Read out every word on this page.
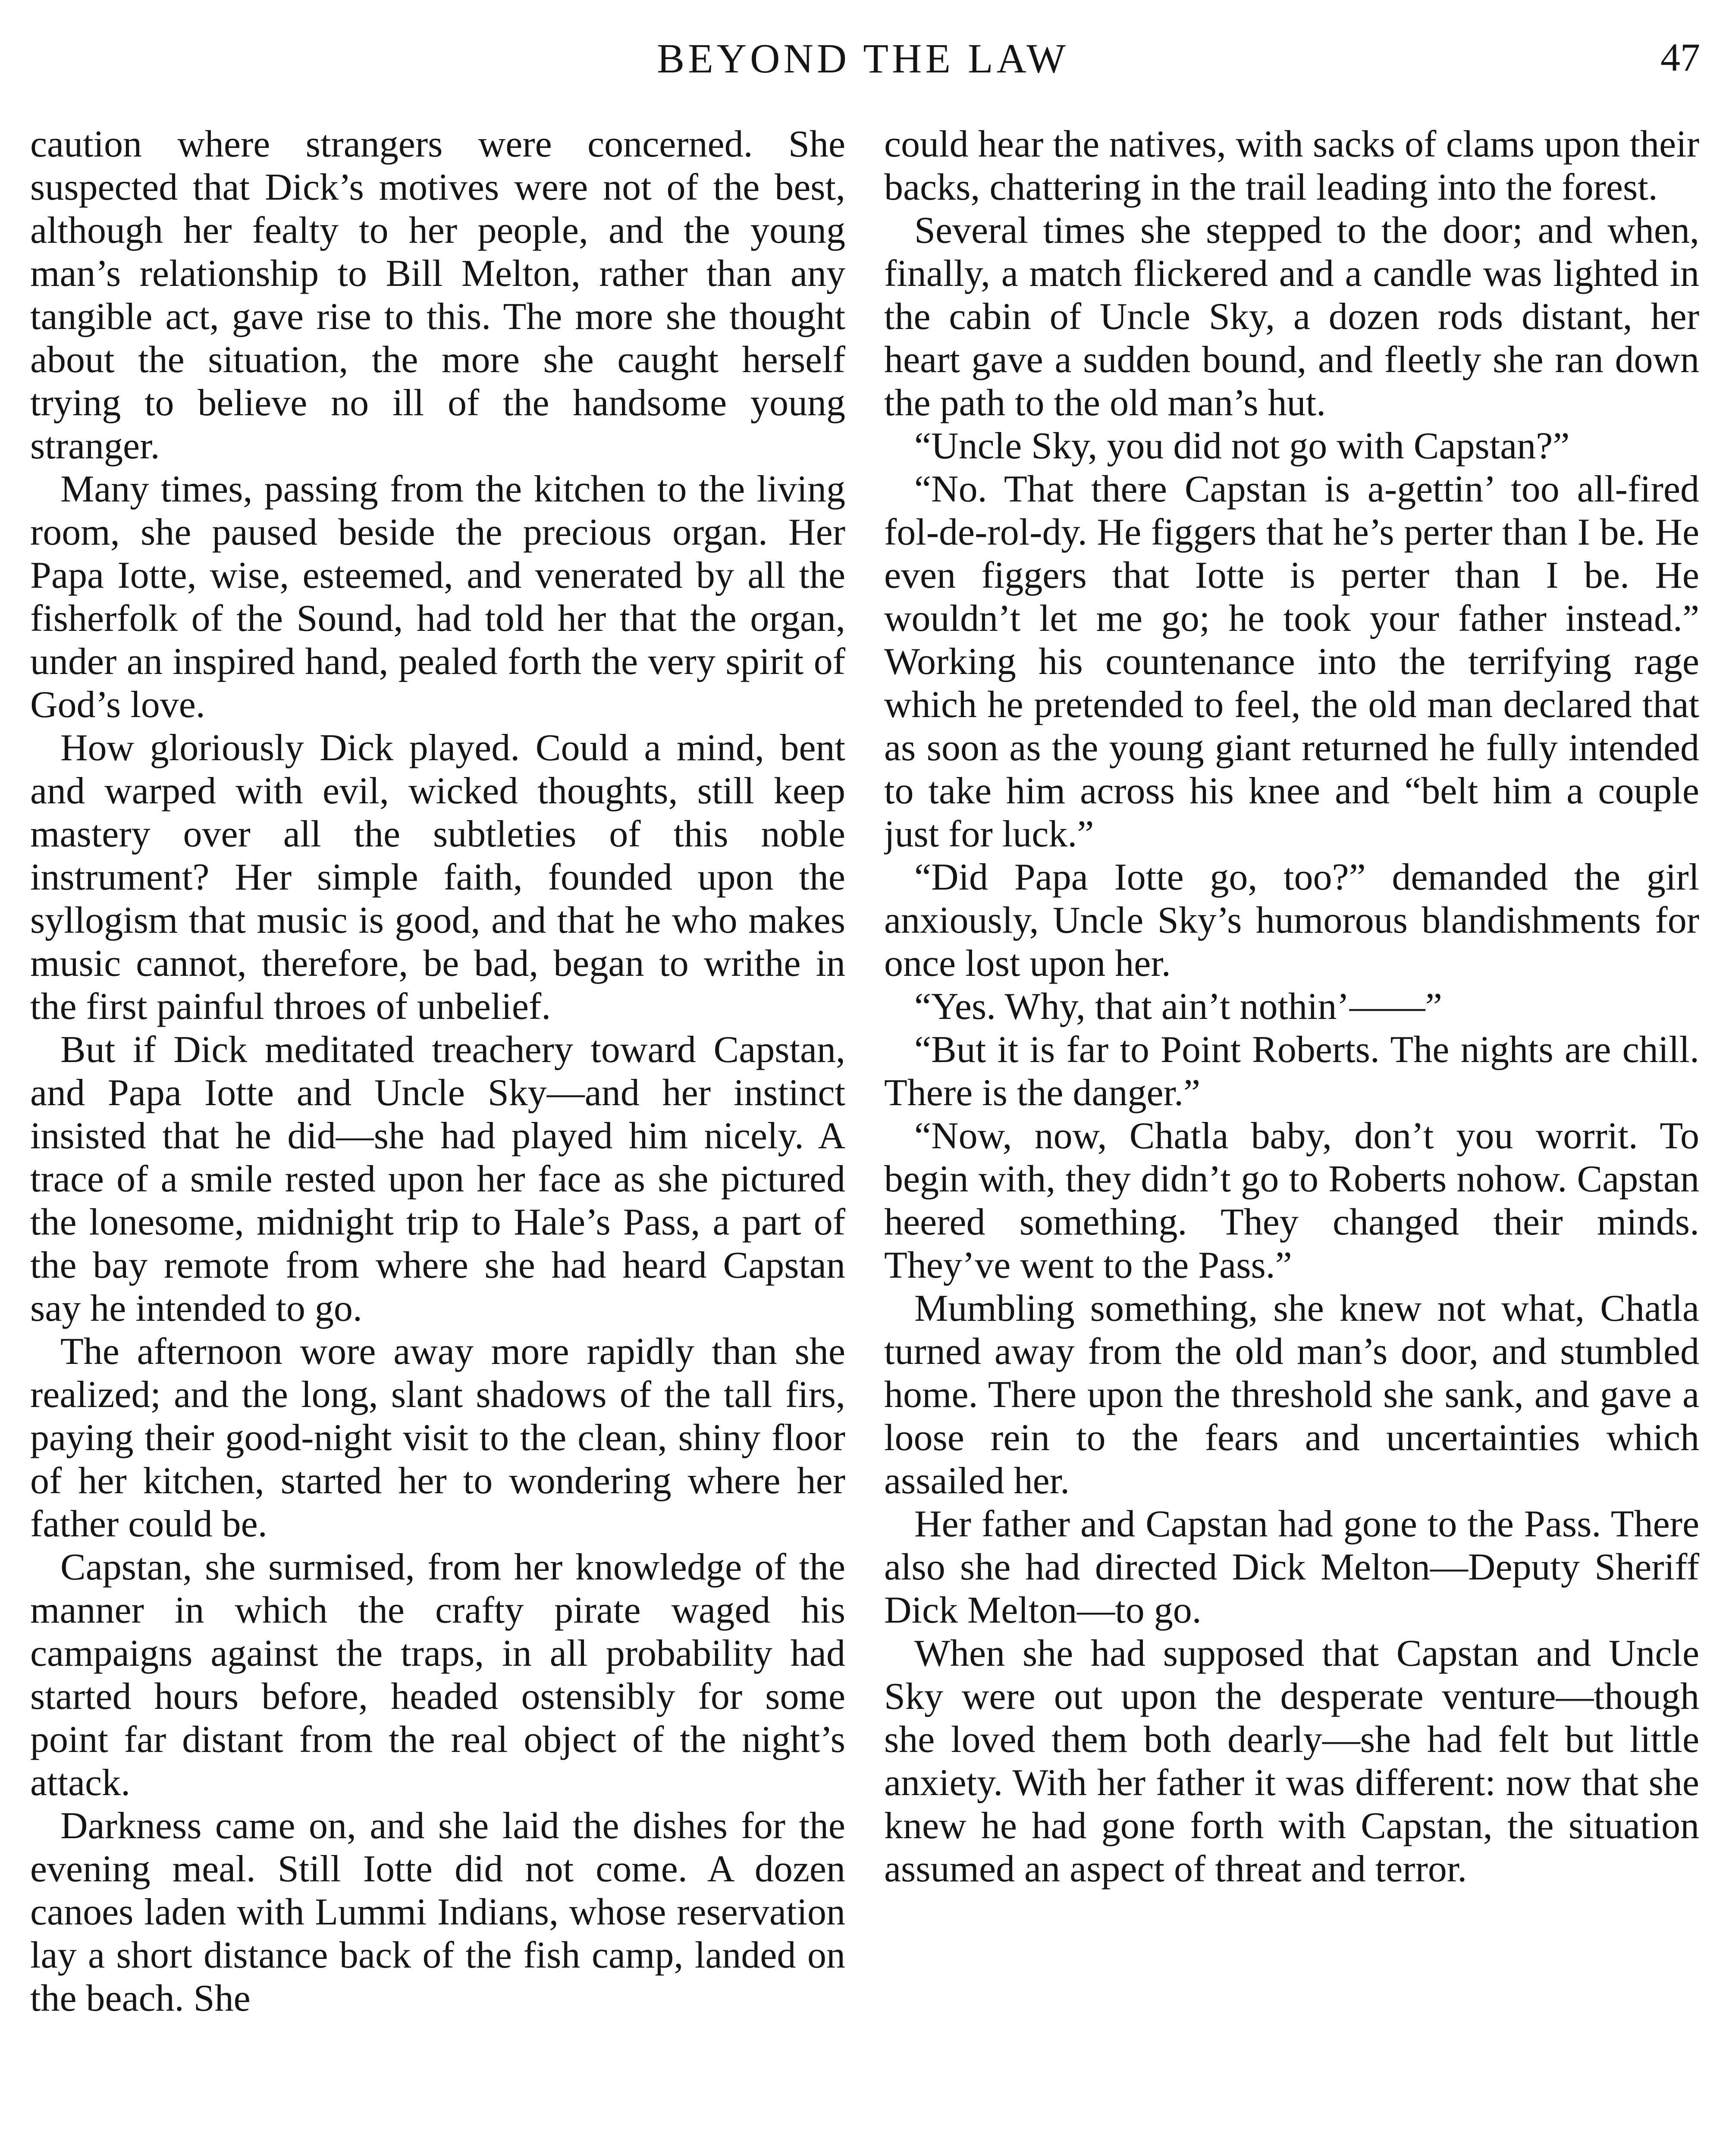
BEYOND THE LAW	47

caution where strangers were concerned. She suspected that Dick’s motives were not of the best, although her fealty to her people, and the young man’s relationship to Bill Melton, rather than any tangible act, gave rise to this. The more she thought about the situation, the more she caught herself trying to believe no ill of the handsome young stranger.

Many times, passing from the kitchen to the living room, she paused beside the precious organ. Her Papa Iotte, wise, esteemed, and venerated by all the fisherfolk of the Sound, had told her that the organ, under an inspired hand, pealed forth the very spirit of God’s love.

How gloriously Dick played. Could a mind, bent and warped with evil, wicked thoughts, still keep mastery over all the subtleties of this noble instrument? Her simple faith, founded upon the syllogism that music is good, and that he who makes music cannot, therefore, be bad, began to writhe in the first painful throes of unbelief.

But if Dick meditated treachery toward Capstan, and Papa Iotte and Uncle Sky—and her instinct insisted that he did—she had played him nicely. A trace of a smile rested upon her face as she pictured the lonesome, midnight trip to Hale’s Pass, a part of the bay remote from where she had heard Capstan say he intended to go.

The afternoon wore away more rapidly than she realized; and the long, slant shadows of the tall firs, paying their good-night visit to the clean, shiny floor of her kitchen, started her to wondering where her father could be.

Capstan, she surmised, from her knowledge of the manner in which the crafty pirate waged his campaigns against the traps, in all probability had started hours before, headed ostensibly for some point far distant from the real object of the night’s attack.

Darkness came on, and she laid the dishes for the evening meal. Still Iotte did not come. A dozen canoes laden with Lummi Indians, whose reservation lay a short distance back of the fish camp, landed on the beach. She

could hear the natives, with sacks of clams upon their backs, chattering in the trail leading into the forest.

Several times she stepped to the door; and when, finally, a match flickered and a candle was lighted in the cabin of Uncle Sky, a dozen rods distant, her heart gave a sudden bound, and fleetly she ran down the path to the old man’s hut.

“Uncle Sky, you did not go with Capstan?”

“No. That there Capstan is a-gettin’ too all-fired fol-de-rol-dy. He figgers that he’s perter than I be. He even figgers that Iotte is perter than I be. He wouldn’t let me go; he took your father instead.” Working his countenance into the terrifying rage which he pretended to feel, the old man declared that as soon as the young giant returned he fully intended to take him across his knee and “belt him a couple just for luck.”

“Did Papa Iotte go, too?” demanded the girl anxiously, Uncle Sky’s humorous blandishments for once lost upon her.

“Yes. Why, that ain’t nothin’——”

“But it is far to Point Roberts. The nights are chill. There is the danger.”

“Now, now, Chatla baby, don’t you worrit. To begin with, they didn’t go to Roberts nohow. Capstan heered something. They changed their minds. They’ve went to the Pass.”

Mumbling something, she knew not what, Chatla turned away from the old man’s door, and stumbled home. There upon the threshold she sank, and gave a loose rein to the fears and uncertainties which assailed her.

Her father and Capstan had gone to the Pass. There also she had directed Dick Melton—Deputy Sheriff Dick Melton—to go.

When she had supposed that Capstan and Uncle Sky were out upon the desperate venture—though she loved them both dearly—she had felt but little anxiety. With her father it was different: now that she knew he had gone forth with Capstan, the situation assumed an aspect of threat and terror.
